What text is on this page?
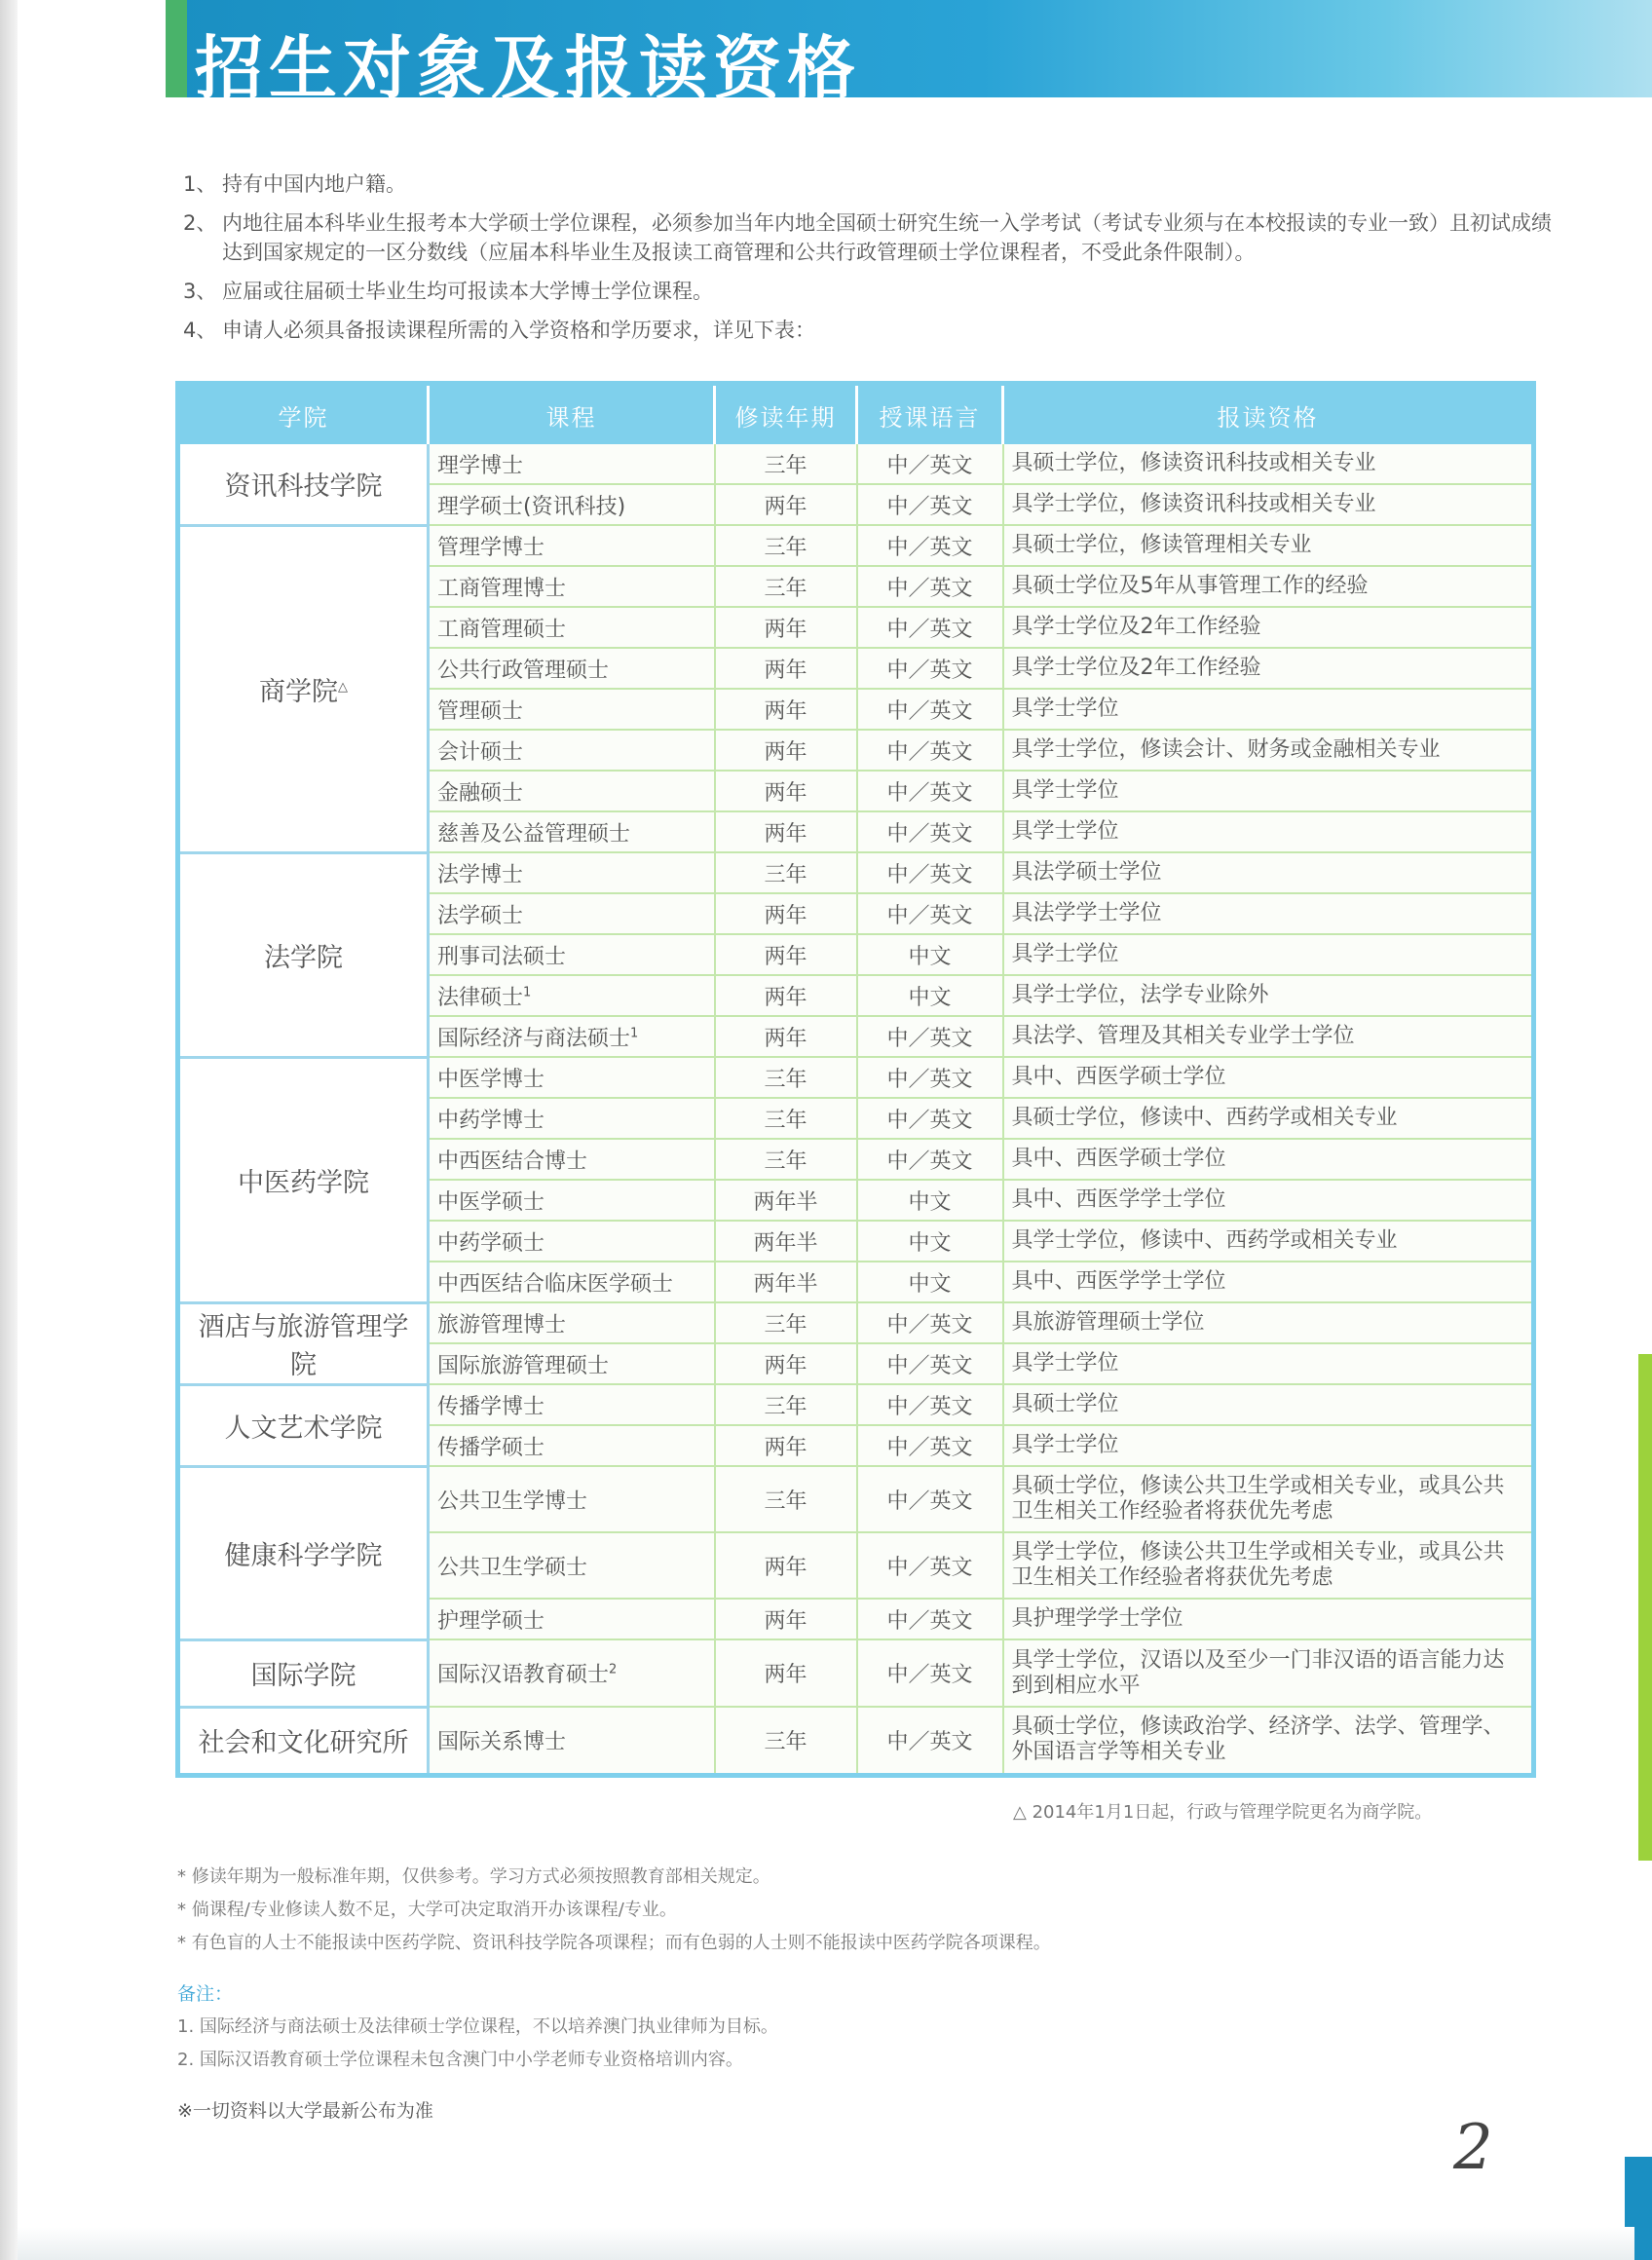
招生对象及报读资格
1、 持有中国内地户籍。
2、 内地往届本科毕业生报考本大学硕士学位课程，必须参加当年内地全国硕士研究生统一入学考试（考试专业须与在本校报读的专业一致）且初试成绩达到国家规定的一区分数线（应届本科毕业生及报读工商管理和公共行政管理硕士学位课程者，不受此条件限制）。
3、 应届或往届硕士毕业生均可报读本大学博士学位课程。
4、 申请人必须具备报读课程所需的入学资格和学历要求，详见下表：
学院	课程	修读年期	授课语言	报读资格
资讯科技学院	理学博士	三年	中／英文	具硕士学位，修读资讯科技或相关专业
	理学硕士(资讯科技)	两年	中／英文	具学士学位，修读资讯科技或相关专业
商学院△	管理学博士	三年	中／英文	具硕士学位，修读管理相关专业
	工商管理博士	三年	中／英文	具硕士学位及5年从事管理工作的经验
	工商管理硕士	两年	中／英文	具学士学位及2年工作经验
	公共行政管理硕士	两年	中／英文	具学士学位及2年工作经验
	管理硕士	两年	中／英文	具学士学位
	会计硕士	两年	中／英文	具学士学位，修读会计、财务或金融相关专业
	金融硕士	两年	中／英文	具学士学位
	慈善及公益管理硕士	两年	中／英文	具学士学位
法学院	法学博士	三年	中／英文	具法学硕士学位
	法学硕士	两年	中／英文	具法学学士学位
	刑事司法硕士	两年	中文	具学士学位
	法律硕士$^1$	两年	中文	具学士学位，法学专业除外
	国际经济与商法硕士$^1$	两年	中／英文	具法学、管理及其相关专业学士学位
中医药学院	中医学博士	三年	中／英文	具中、西医学硕士学位
	中药学博士	三年	中／英文	具硕士学位，修读中、西药学或相关专业
	中西医结合博士	三年	中／英文	具中、西医学硕士学位
	中医学硕士	两年半	中文	具中、西医学学士学位
	中药学硕士	两年半	中文	具学士学位，修读中、西药学或相关专业
	中西医结合临床医学硕士	两年半	中文	具中、西医学学士学位
酒店与旅游管理学院	旅游管理博士	三年	中／英文	具旅游管理硕士学位
	国际旅游管理硕士	两年	中／英文	具学士学位
人文艺术学院	传播学博士	三年	中／英文	具硕士学位
	传播学硕士	两年	中／英文	具学士学位
健康科学学院	公共卫生学博士	三年	中／英文	具硕士学位，修读公共卫生学或相关专业，或具公共卫生相关工作经验者将获优先考虑
	公共卫生学硕士	两年	中／英文	具学士学位，修读公共卫生学或相关专业，或具公共卫生相关工作经验者将获优先考虑
	护理学硕士	两年	中／英文	具护理学学士学位
国际学院	国际汉语教育硕士$^2$	两年	中／英文	具学士学位，汉语以及至少一门非汉语的语言能力达到到相应水平
社会和文化研究所	国际关系博士	三年	中／英文	具硕士学位，修读政治学、经济学、法学、管理学、外国语言学等相关专业
△ 2014年1月1日起，行政与管理学院更名为商学院。

* 修读年期为一般标准年期，仅供参考。学习方式必须按照教育部相关规定。

* 倘课程/专业修读人数不足，大学可决定取消开办该课程/专业。

* 有色盲的人士不能报读中医药学院、资讯科技学院各项课程；而有色弱的人士则不能报读中医药学院各项课程。

备注：

1. 国际经济与商法硕士及法律硕士学位课程，不以培养澳门执业律师为目标。

2. 国际汉语教育硕士学位课程未包含澳门中小学老师专业资格培训内容。

※一切资料以大学最新公布为准

2
